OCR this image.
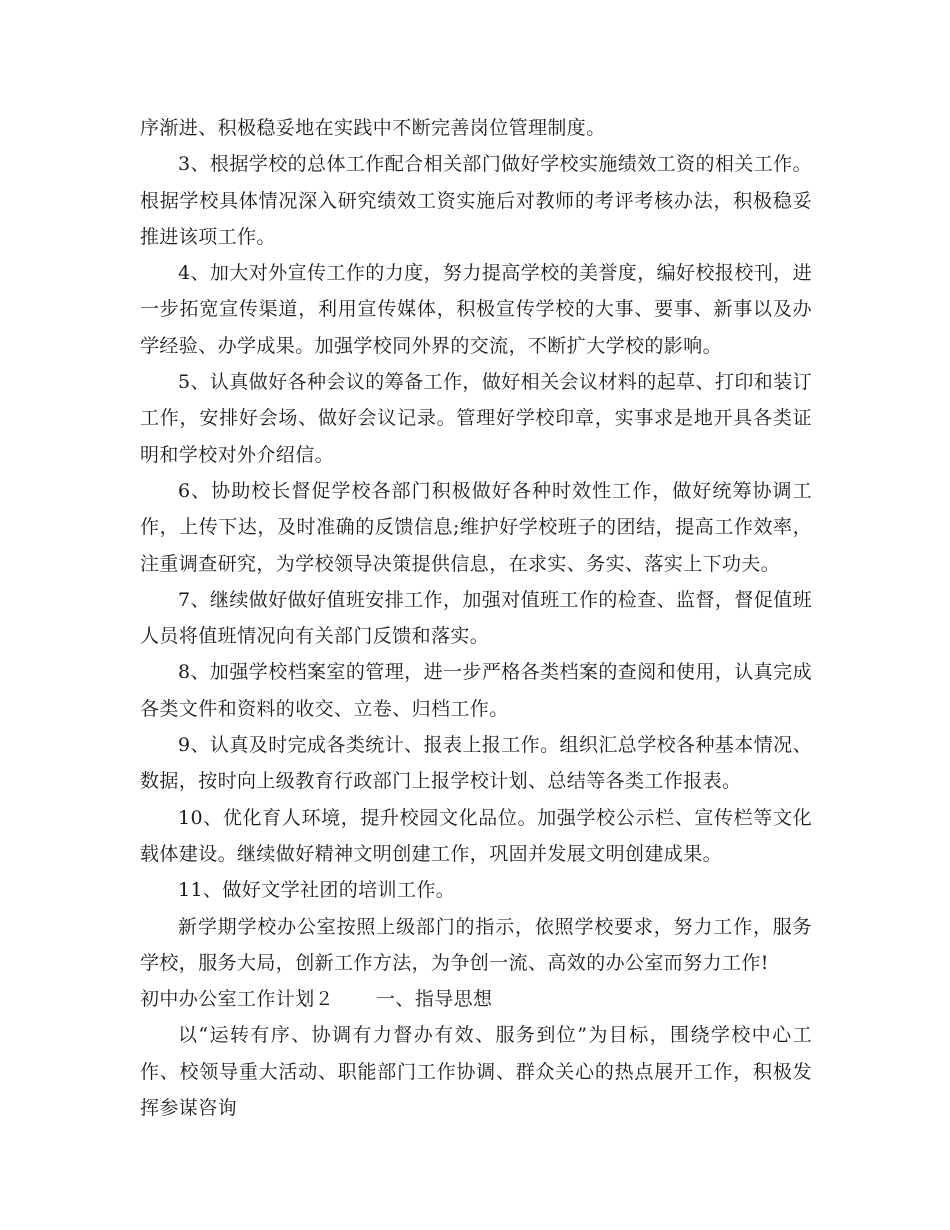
序渐进、积极稳妥地在实践中不断完善岗位管理制度。

3、根据学校的总体工作配合相关部门做好学校实施绩效工资的相关工作。根据学校具体情况深入研究绩效工资实施后对教师的考评考核办法，积极稳妥推进该项工作。

4、加大对外宣传工作的力度，努力提高学校的美誉度，编好校报校刊，进一步拓宽宣传渠道，利用宣传媒体，积极宣传学校的大事、要事、新事以及办学经验、办学成果。加强学校同外界的交流，不断扩大学校的影响。

5、认真做好各种会议的筹备工作，做好相关会议材料的起草、打印和装订工作，安排好会场、做好会议记录。管理好学校印章，实事求是地开具各类证明和学校对外介绍信。

6、协助校长督促学校各部门积极做好各种时效性工作，做好统筹协调工作，上传下达，及时准确的反馈信息;维护好学校班子的团结，提高工作效率，注重调查研究，为学校领导决策提供信息，在求实、务实、落实上下功夫。

7、继续做好做好值班安排工作，加强对值班工作的检查、监督，督促值班人员将值班情况向有关部门反馈和落实。

8、加强学校档案室的管理，进一步严格各类档案的查阅和使用，认真完成各类文件和资料的收交、立卷、归档工作。

9、认真及时完成各类统计、报表上报工作。组织汇总学校各种基本情况、数据，按时向上级教育行政部门上报学校计划、总结等各类工作报表。

10、优化育人环境，提升校园文化品位。加强学校公示栏、宣传栏等文化载体建设。继续做好精神文明创建工作，巩固并发展文明创建成果。

11、做好文学社团的培训工作。

新学期学校办公室按照上级部门的指示，依照学校要求，努力工作，服务学校，服务大局，创新工作方法，为争创一流、高效的办公室而努力工作!

初中办公室工作计划２ 一、指导思想

以“运转有序、协调有力督办有效、服务到位”为目标，围绕学校中心工作、校领导重大活动、职能部门工作协调、群众关心的热点展开工作，积极发挥参谋咨询
